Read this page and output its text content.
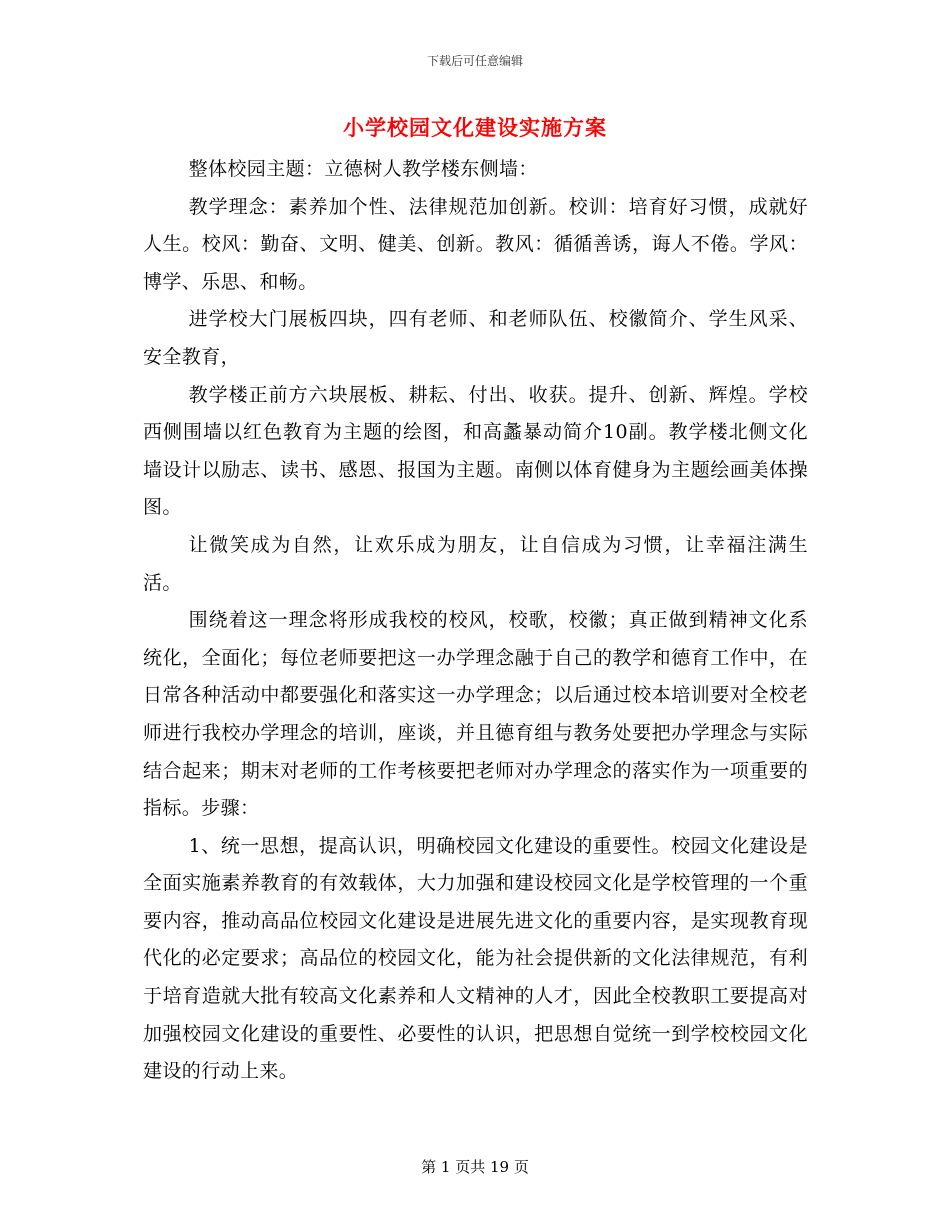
下载后可任意编辑
小学校园文化建设实施方案

整体校园主题：立德树人教学楼东侧墙：

教学理念：素养加个性、法律规范加创新。校训：培育好习惯，成就好人生。校风：勤奋、文明、健美、创新。教风：循循善诱，诲人不倦。学风：博学、乐思、和畅。

进学校大门展板四块，四有老师、和老师队伍、校徽简介、学生风采、安全教育，

教学楼正前方六块展板、耕耘、付出、收获。提升、创新、辉煌。学校西侧围墙以红色教育为主题的绘图，和高蠡暴动简介10副。教学楼北侧文化墙设计以励志、读书、感恩、报国为主题。南侧以体育健身为主题绘画美体操图。

让微笑成为自然，让欢乐成为朋友，让自信成为习惯，让幸福注满生活。

围绕着这一理念将形成我校的校风，校歌，校徽；真正做到精神文化系统化，全面化；每位老师要把这一办学理念融于自己的教学和德育工作中，在日常各种活动中都要强化和落实这一办学理念；以后通过校本培训要对全校老师进行我校办学理念的培训，座谈，并且德育组与教务处要把办学理念与实际结合起来；期末对老师的工作考核要把老师对办学理念的落实作为一项重要的指标。步骤：

1、统一思想，提高认识，明确校园文化建设的重要性。校园文化建设是全面实施素养教育的有效载体，大力加强和建设校园文化是学校管理的一个重要内容，推动高品位校园文化建设是进展先进文化的重要内容，是实现教育现代化的必定要求；高品位的校园文化，能为社会提供新的文化法律规范，有利于培育造就大批有较高文化素养和人文精神的人才，因此全校教职工要提高对加强校园文化建设的重要性、必要性的认识，把思想自觉统一到学校校园文化建设的行动上来。

第 1 页共 19 页
